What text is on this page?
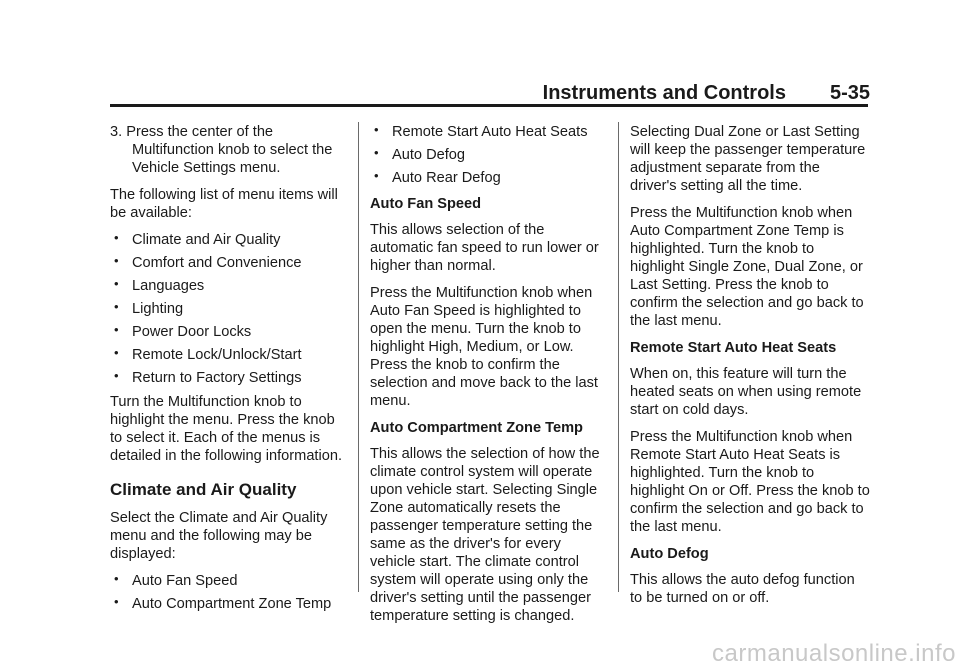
Instruments and Controls 5-35

3. Press the center of the Multifunction knob to select the Vehicle Settings menu.

The following list of menu items will be available:

• Climate and Air Quality
• Comfort and Convenience
• Languages
• Lighting
• Power Door Locks
• Remote Lock/Unlock/Start
• Return to Factory Settings

Turn the Multifunction knob to highlight the menu. Press the knob to select it. Each of the menus is detailed in the following information.

Climate and Air Quality

Select the Climate and Air Quality menu and the following may be displayed:

• Auto Fan Speed
• Auto Compartment Zone Temp
• Remote Start Auto Heat Seats
• Auto Defog
• Auto Rear Defog
Auto Fan Speed

This allows selection of the automatic fan speed to run lower or higher than normal.

Press the Multifunction knob when Auto Fan Speed is highlighted to open the menu. Turn the knob to highlight High, Medium, or Low. Press the knob to confirm the selection and move back to the last menu.

Auto Compartment Zone Temp

This allows the selection of how the climate control system will operate upon vehicle start. Selecting Single Zone automatically resets the passenger temperature setting the same as the driver's for every vehicle start. The climate control system will operate using only the driver's setting until the passenger temperature setting is changed.

Selecting Dual Zone or Last Setting will keep the passenger temperature adjustment separate from the driver's setting all the time.

Press the Multifunction knob when Auto Compartment Zone Temp is highlighted. Turn the knob to highlight Single Zone, Dual Zone, or Last Setting. Press the knob to confirm the selection and go back to the last menu.

Remote Start Auto Heat Seats

When on, this feature will turn the heated seats on when using remote start on cold days.

Press the Multifunction knob when Remote Start Auto Heat Seats is highlighted. Turn the knob to highlight On or Off. Press the knob to confirm the selection and go back to the last menu.

Auto Defog

This allows the auto defog function to be turned on or off.

carmanualsonline.info
